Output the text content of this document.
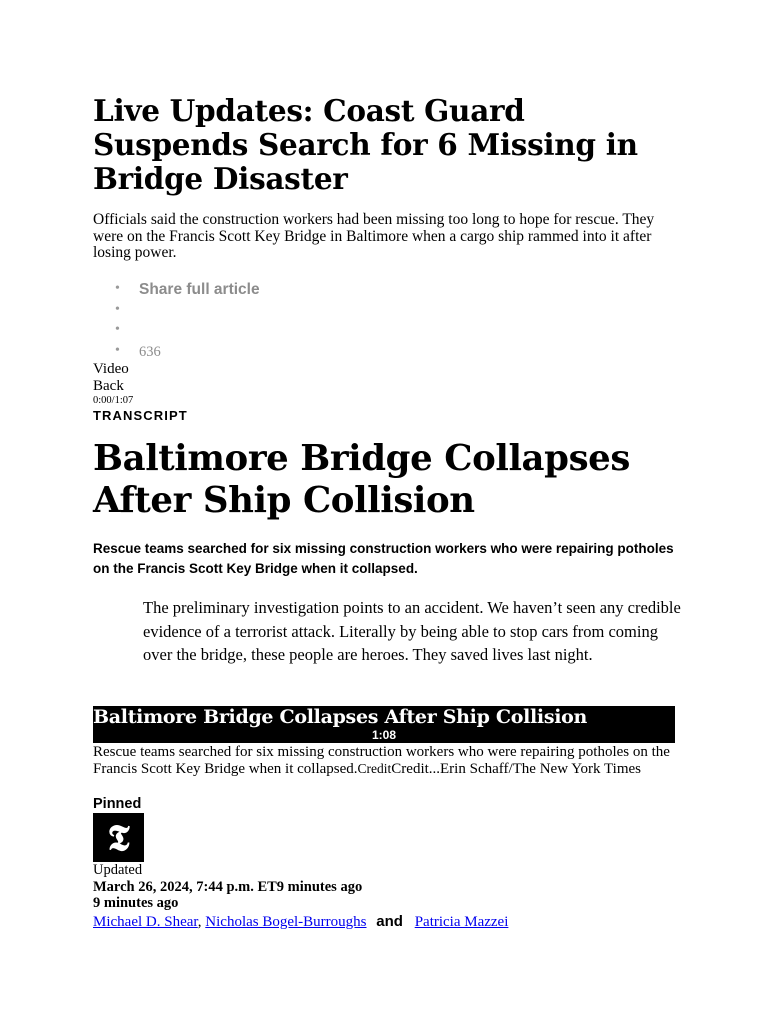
Live Updates: Coast Guard Suspends Search for 6 Missing in Bridge Disaster

Officials said the construction workers had been missing too long to hope for rescue. They were on the Francis Scott Key Bridge in Baltimore when a cargo ship rammed into it after losing power.

• Share full article
•
•
• 636
Video
Back
0:00/1:07
TRANSCRIPT
Baltimore Bridge Collapses After Ship Collision

Rescue teams searched for six missing construction workers who were repairing potholes on the Francis Scott Key Bridge when it collapsed.

The preliminary investigation points to an accident. We haven’t seen any credible evidence of a terrorist attack. Literally by being able to stop cars from coming over the bridge, these people are heroes. They saved lives last night.

Baltimore Bridge Collapses After Ship Collision
1:08

Rescue teams searched for six missing construction workers who were repairing potholes on the Francis Scott Key Bridge when it collapsed.CreditCredit...Erin Schaff/The New York Times

Pinned
𝕿
Updated
March 26, 2024, 7:44 p.m. ET9 minutes ago
9 minutes ago
Michael D. Shear, Nicholas Bogel-Burroughs and Patricia Mazzei
